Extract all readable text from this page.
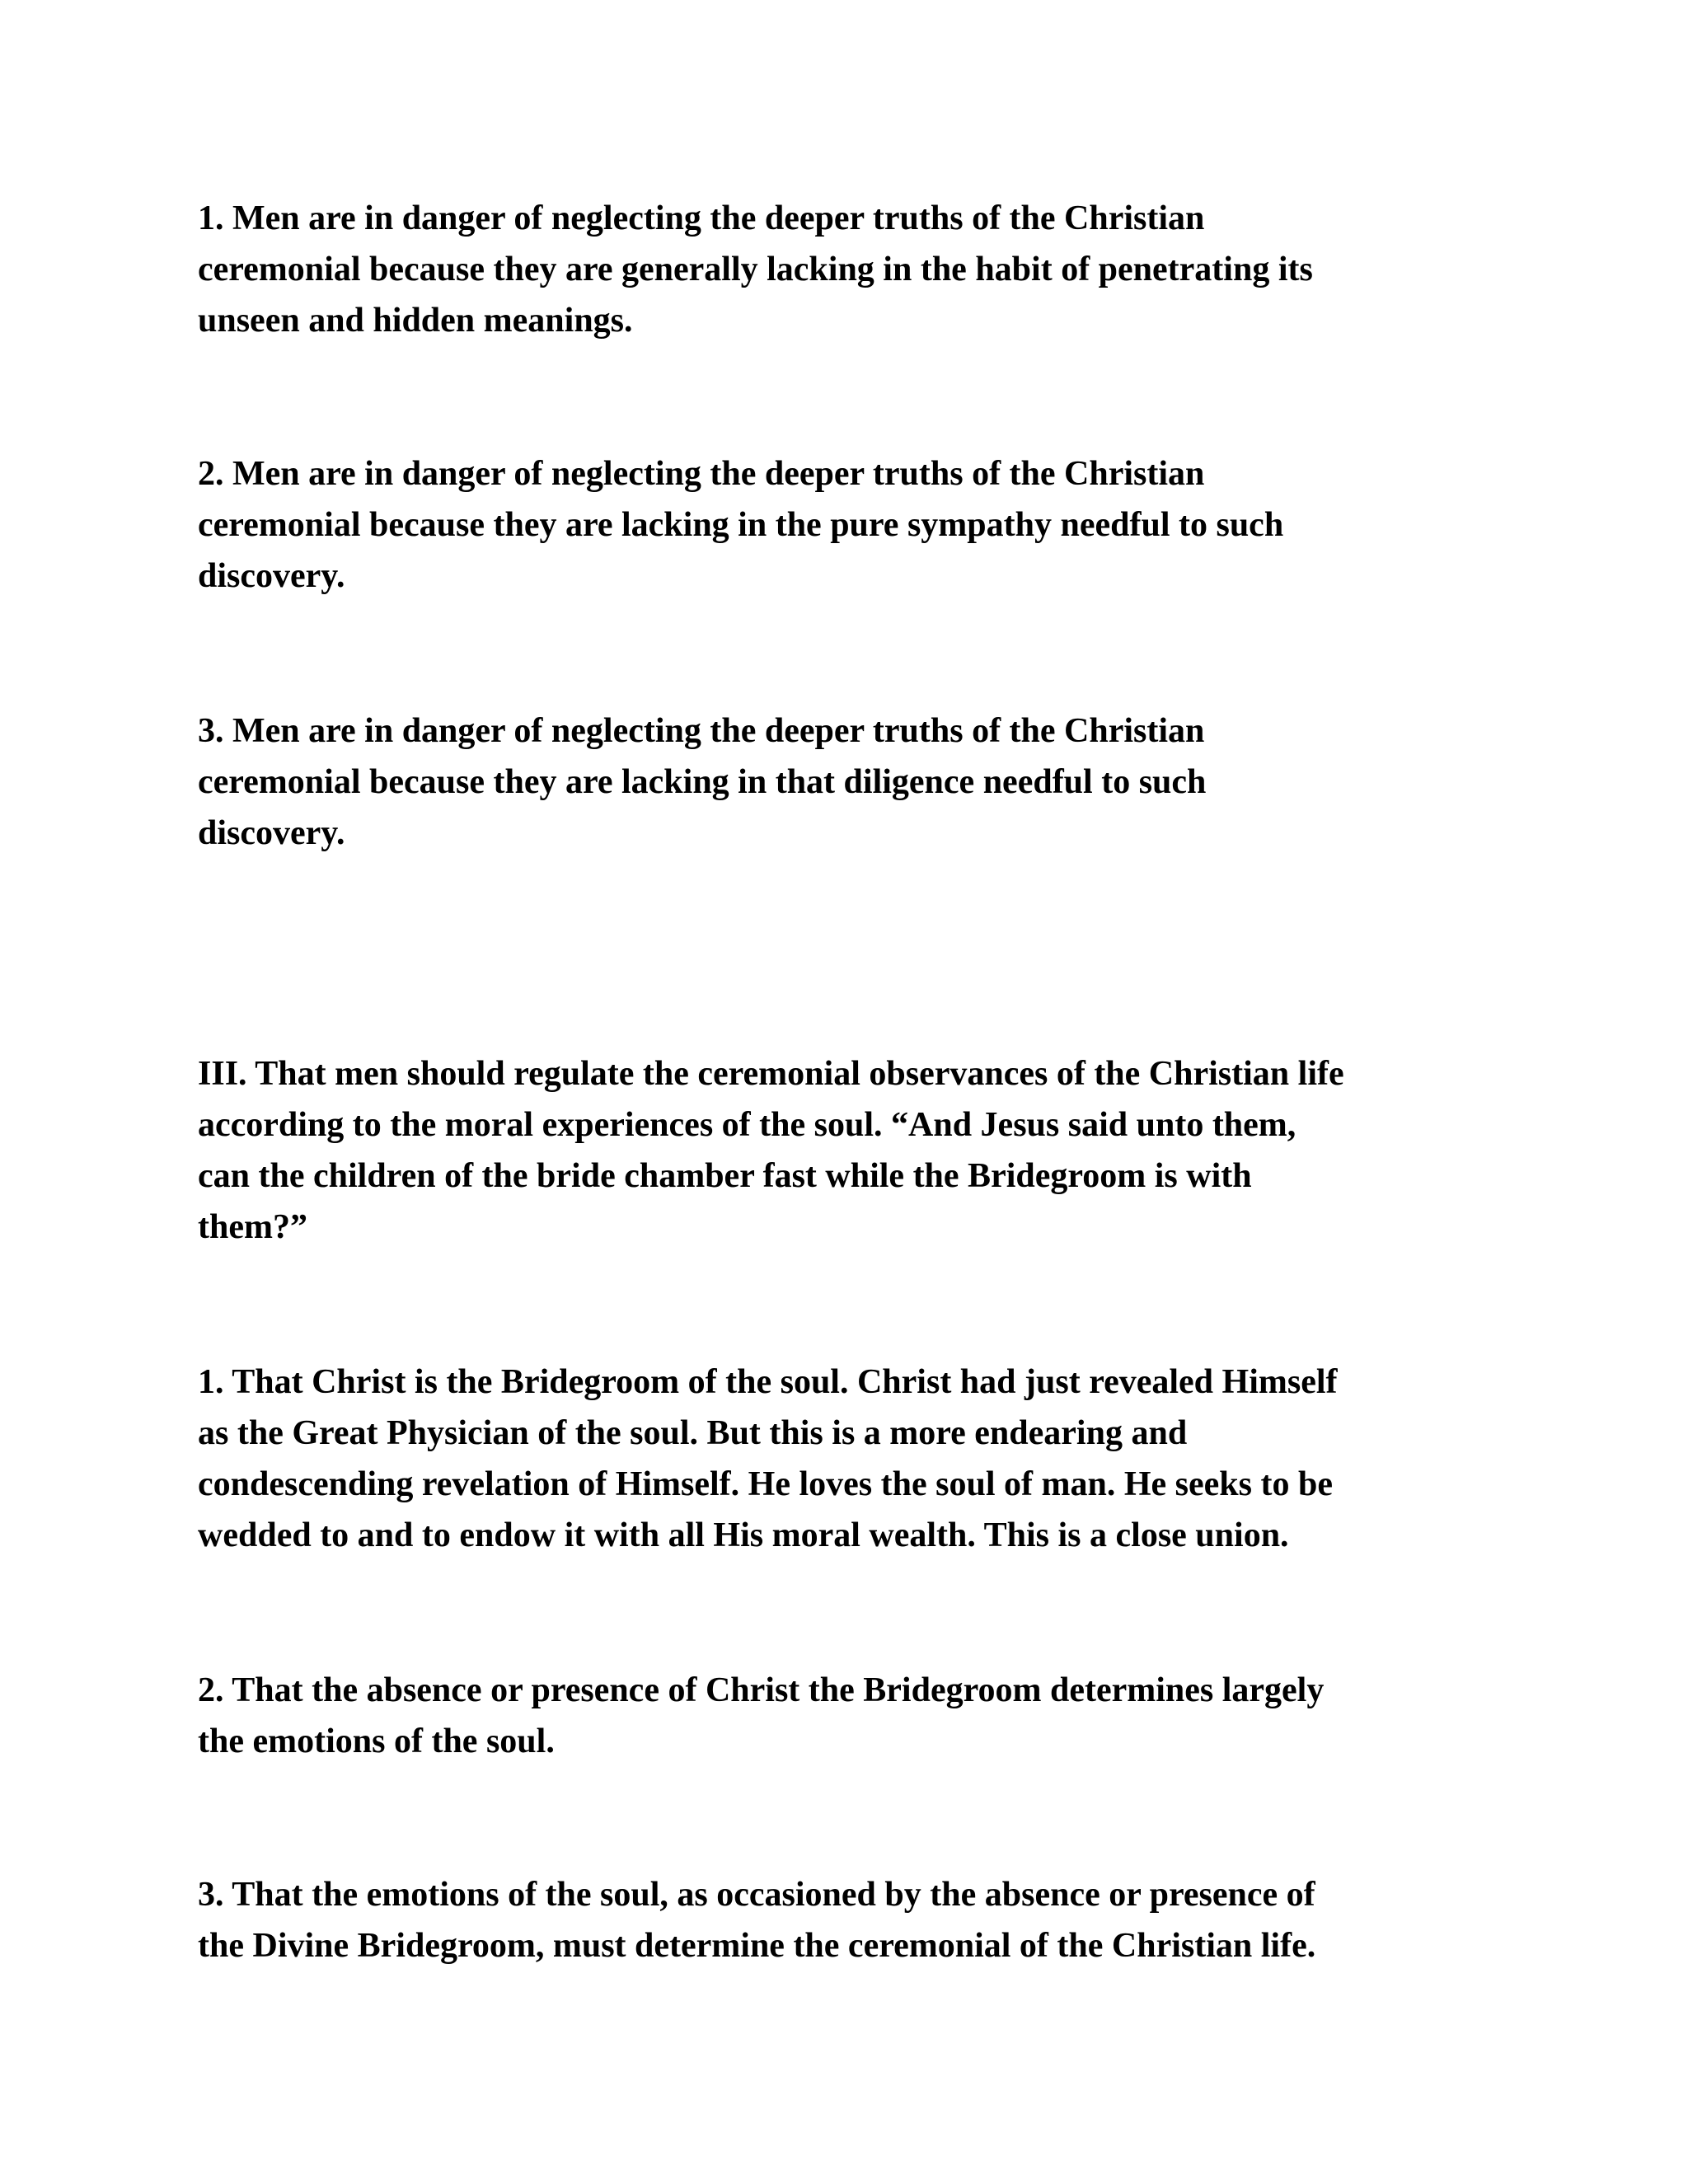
1. Men are in danger of neglecting the deeper truths of the Christian
ceremonial because they are generally lacking in the habit of penetrating its
unseen and hidden meanings.

2. Men are in danger of neglecting the deeper truths of the Christian
ceremonial because they are lacking in the pure sympathy needful to such
discovery.

3. Men are in danger of neglecting the deeper truths of the Christian
ceremonial because they are lacking in that diligence needful to such
discovery.

III. That men should regulate the ceremonial observances of the Christian life
according to the moral experiences of the soul. “And Jesus said unto them,
can the children of the bride chamber fast while the Bridegroom is with
them?”

1. That Christ is the Bridegroom of the soul. Christ had just revealed Himself
as the Great Physician of the soul. But this is a more endearing and
condescending revelation of Himself. He loves the soul of man. He seeks to be
wedded to and to endow it with all His moral wealth. This is a close union.

2. That the absence or presence of Christ the Bridegroom determines largely
the emotions of the soul.

3. That the emotions of the soul, as occasioned by the absence or presence of
the Divine Bridegroom, must determine the ceremonial of the Christian life.
